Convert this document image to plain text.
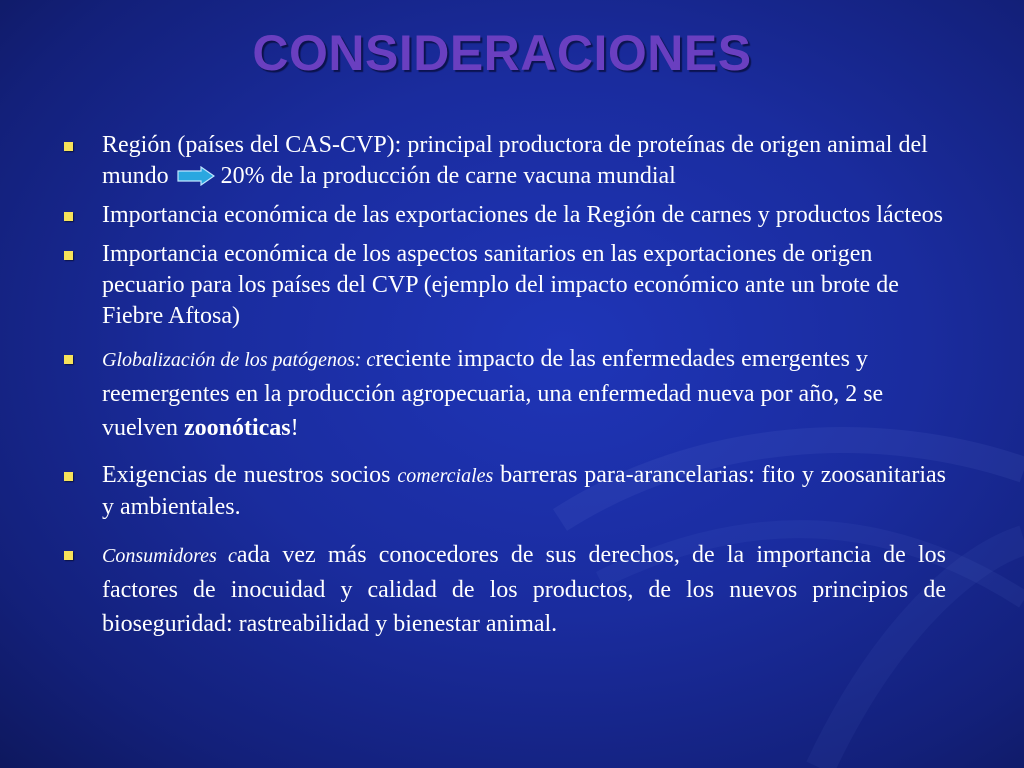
CONSIDERACIONES
Región (países del CAS-CVP): principal productora de proteínas de origen animal del mundo 20% de la producción de carne vacuna mundial
Importancia económica de las exportaciones de la Región de carnes y productos lácteos
Importancia económica de los aspectos sanitarios en las exportaciones de origen pecuario para los países del CVP (ejemplo del impacto económico ante un brote de Fiebre Aftosa)
Globalización de los patógenos: creciente impacto de las enfermedades emergentes y reemergentes en la producción agropecuaria, una enfermedad nueva por año, 2 se vuelven zoonóticas!
Exigencias de nuestros socios comerciales barreras para-arancelarias: fito y zoosanitarias y ambientales.
Consumidores cada vez más conocedores de sus derechos, de la importancia de los factores de inocuidad y calidad de los productos, de los nuevos principios de bioseguridad: rastreabilidad y bienestar animal.
